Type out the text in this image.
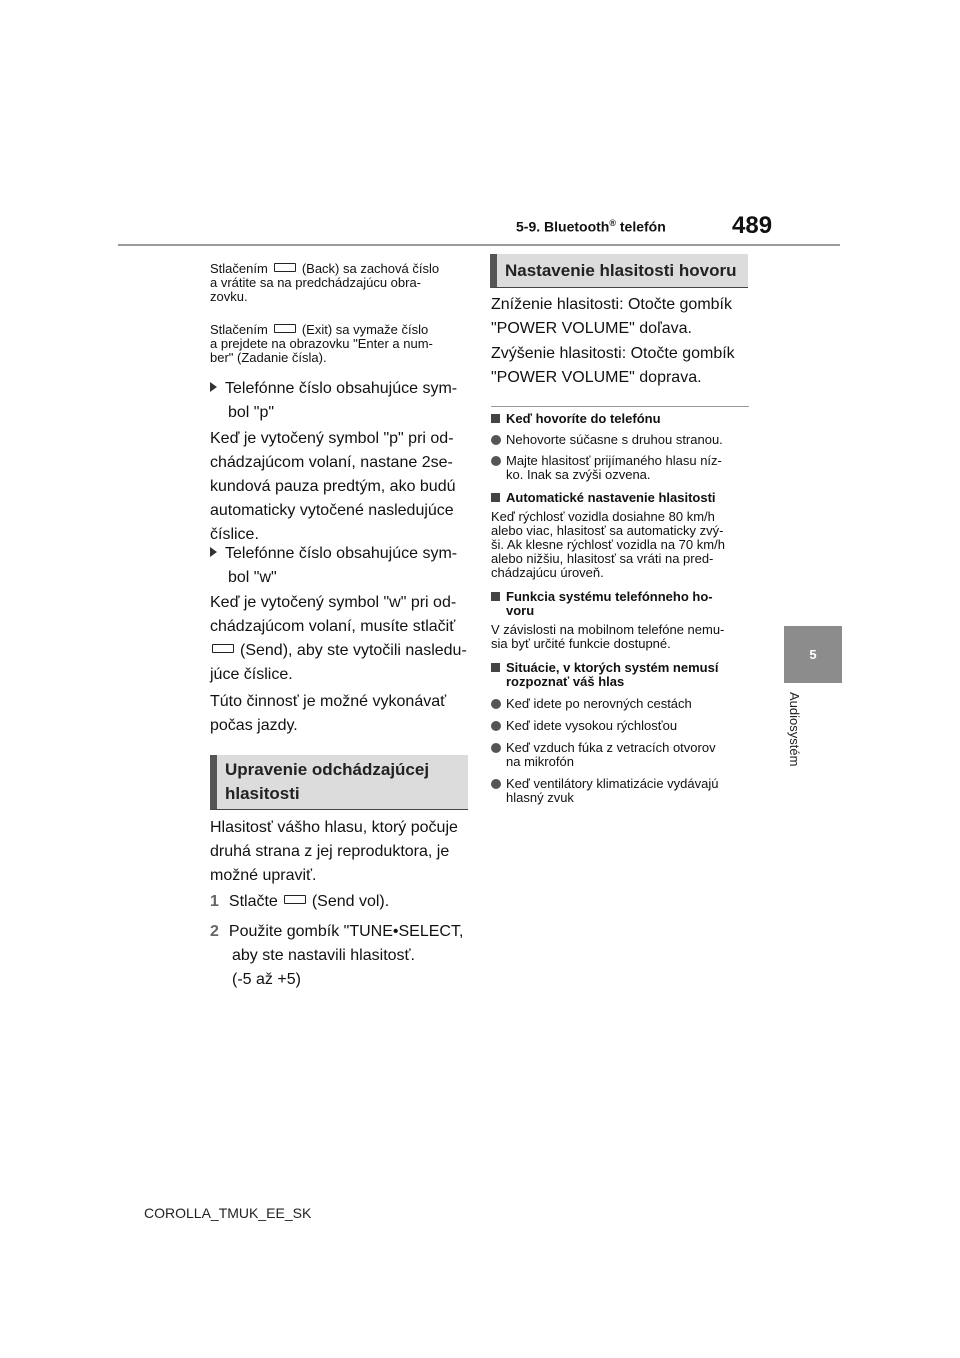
5-9. Bluetooth® telefón	489
5
Audiosystém
Stlačením	(Back) sa zachová číslo
a vrátite sa na predchádzajúcu obra-
zovku.
Stlačením	(Exit) sa vymaže číslo
a prejdete na obrazovku "Enter a num-
ber" (Zadanie čísla).
Telefónne číslo obsahujúce sym-
bol "p"
Keď je vytočený symbol "p" pri od-
chádzajúcom volaní, nastane 2se-
kundová pauza predtým, ako budú
automaticky vytočené nasledujúce
číslice.
Telefónne číslo obsahujúce sym-
bol "w"
Keď je vytočený symbol "w" pri od-
chádzajúcom volaní, musíte stlačiť
(Send), aby ste vytočili nasledu-
júce číslice.
Túto činnosť je možné vykonávať
počas jazdy.
Upravenie odchádzajúcej
hlasitosti
Hlasitosť vášho hlasu, ktorý počuje
druhá strana z jej reproduktora, je
možné upraviť.
1 Stlačte (Send vol).
2 Použite gombík "TUNE•SELECT,
aby ste nastavili hlasitosť.
(-5 až +5)
Nastavenie hlasitosti hovoru
Zníženie hlasitosti: Otočte gombík
"POWER VOLUME" doľava.
Zvýšenie hlasitosti: Otočte gombík
"POWER VOLUME" doprava.
Keď hovoríte do telefónu
Nehovorte súčasne s druhou stranou.
Majte hlasitosť prijímaného hlasu níz-
ko. Inak sa zvýši ozvena.
Automatické nastavenie hlasitosti
Keď rýchlosť vozidla dosiahne 80 km/h
alebo viac, hlasitosť sa automaticky zvý-
ši. Ak klesne rýchlosť vozidla na 70 km/h
alebo nižšiu, hlasitosť sa vráti na pred-
chádzajúcu úroveň.
Funkcia systému telefónneho ho-
voru
V závislosti na mobilnom telefóne nemu-
sia byť určité funkcie dostupné.
Situácie, v ktorých systém nemusí
rozpoznať váš hlas
Keď idete po nerovných cestách
Keď idete vysokou rýchlosťou
Keď vzduch fúka z vetracích otvorov
na mikrofón
Keď ventilátory klimatizácie vydávajú
hlasný zvuk
COROLLA_TMUK_EE_SK
